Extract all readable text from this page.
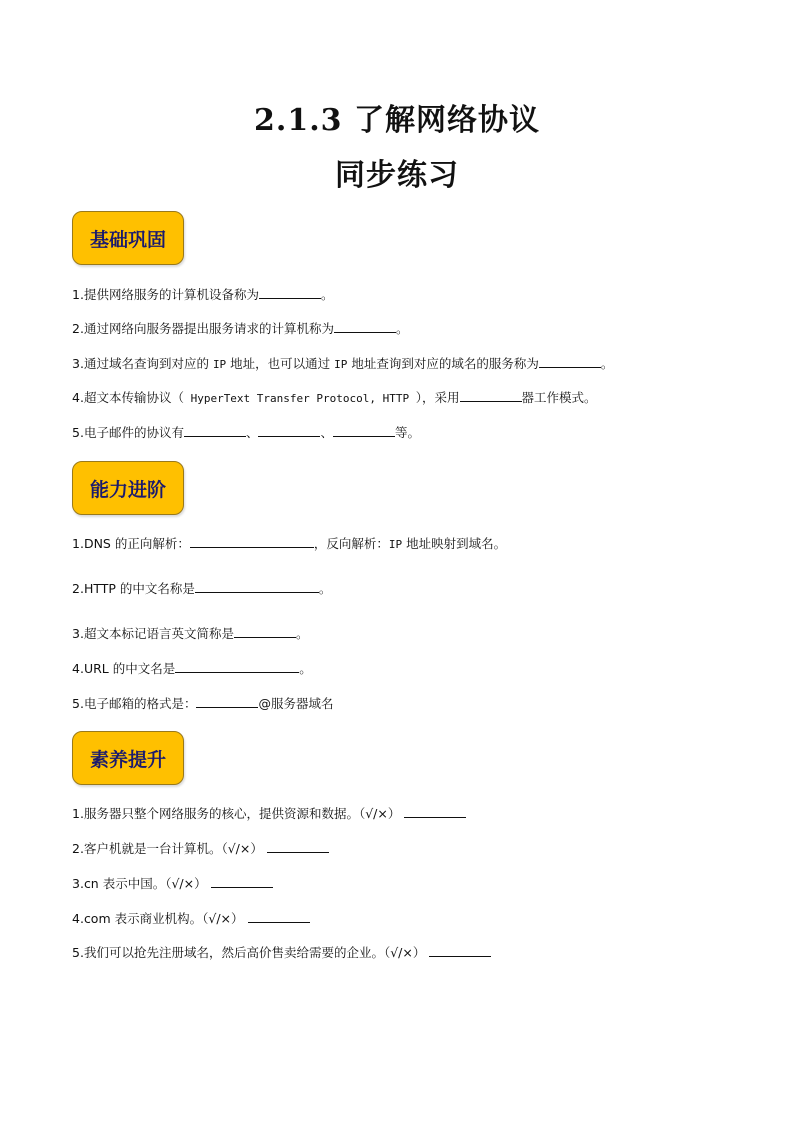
2.1.3 了解网络协议
同步练习
基础巩固
1.提供网络服务的计算机设备称为	。
2.通过网络向服务器提出服务请求的计算机称为	。
3.通过域名查询到对应的 IP 地址，也可以通过 IP 地址查询到对应的域名的服务称为	。
4.超文本传输协议（ HyperText Transfer Protocol, HTTP ），采用	器工作模式。
5.电子邮件的协议有	、	、	等。
能力进阶
1.DNS 的正向解析：	，反向解析：IP 地址映射到域名。
2.HTTP 的中文名称是	。
3.超文本标记语言英文简称是	。
4.URL 的中文名是	。
5.电子邮箱的格式是：	@服务器域名
素养提升
1.服务器只整个网络服务的核心，提供资源和数据。（√/×）
2.客户机就是一台计算机。（√/×）
3.cn 表示中国。（√/×）
4.com 表示商业机构。（√/×）
5.我们可以抢先注册域名，然后高价售卖给需要的企业。（√/×）
